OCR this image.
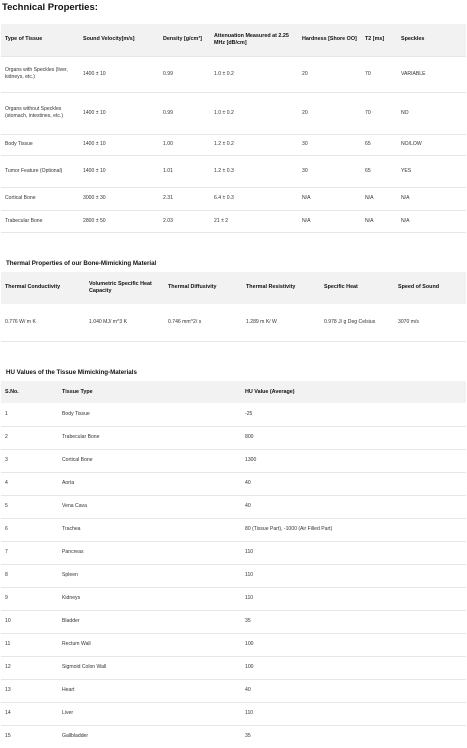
Technical Properties:
Type of Tissue	Sound Velocity[m/s]	Density [g/cm³]	Attenuation Measured at 2.25 MHz [dB/cm]	Hardness [Shore OO]	T2 [ms]	Speckles
Organs with Speckles (liver, kidneys, etc.)	1400 ± 10	0.99	1.0 ± 0.2	20	70	VARIABLE
Organs without Speckles (stomach, intestines, etc.)	1400 ± 10	0.99	1.0 ± 0.2	20	70	NO
Body Tissue	1400 ± 10	1.00	1.2 ± 0.2	30	65	NO/LOW
Tumor Feature (Optional)	1400 ± 10	1.01	1.2 ± 0.3	30	65	YES
Cortical Bone	3000 ± 30	2.31	6.4 ± 0.3	N/A	N/A	N/A
Trabecular Bone	2800 ± 50	2.03	21 ± 2	N/A	N/A	N/A
Thermal Properties of our Bone-Mimicking Material
Thermal Conductivity	Volumetric Specific Heat Capacity	Thermal Diffusivity	Thermal Resistivity	Specific Heat	Speed of Sound
0.776 W/ m K	1.040 MJ/ m^3 K	0.746 mm^2/ s	1.289 m K/ W	0.978 J/ g Deg Celsius	3070 m/s
HU Values of the Tissue Mimicking-Materials
S.No.	Tissue Type	HU Value (Average)
1	Body Tissue	-25
2	Trabecular Bone	800
3	Cortical Bone	1300
4	Aorta	40
5	Vena Cava	40
6	Trachea	80 (Tissue Part), -1000 (Air Filled Part)
7	Pancreas	110
8	Spleen	110
9	Kidneys	110
10	Bladder	35
11	Rectum Wall	100
12	Sigmoid Colon Wall	100
13	Heart	40
14	Liver	110
15	Gallbladder	35
